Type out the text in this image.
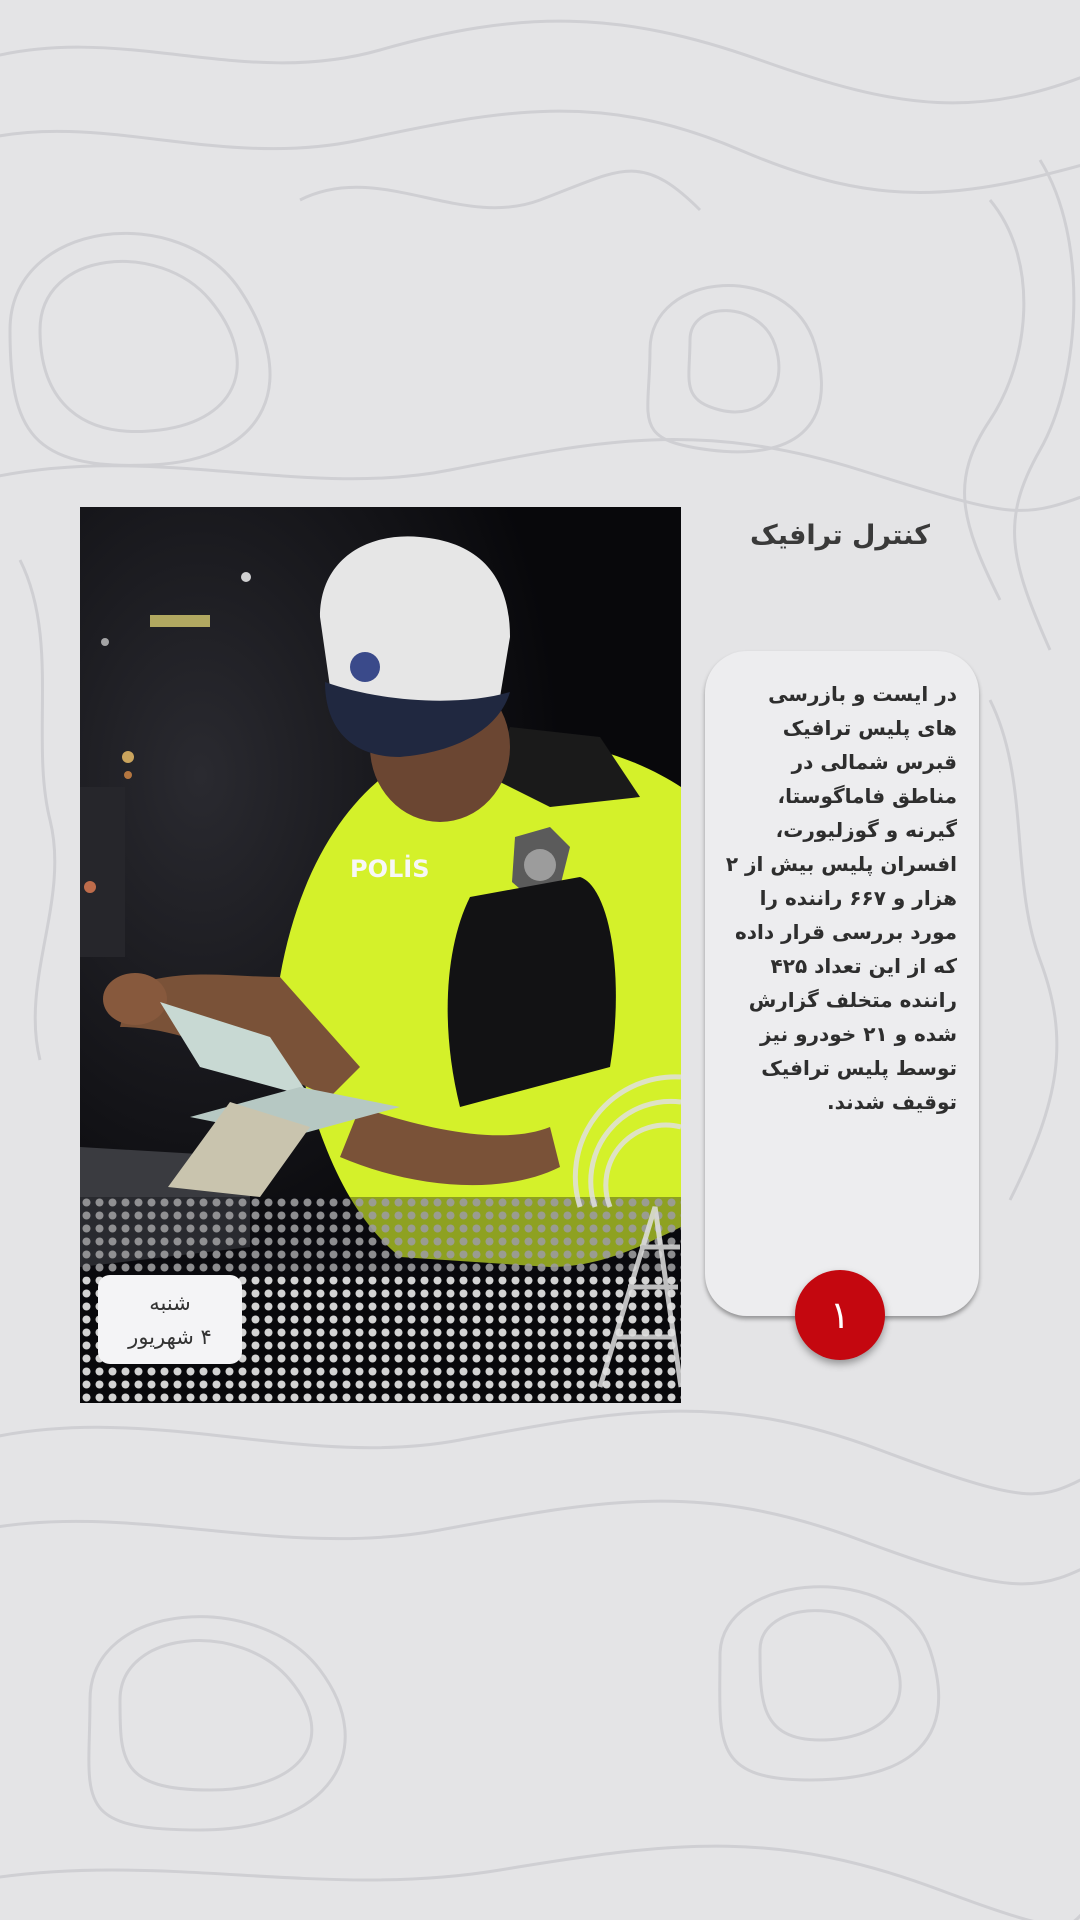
POLİS
شنبه
۴ شهریور
کنترل ترافیک
در ایست و بازرسی های پلیس ترافیک قبرس شمالی در مناطق فاماگوستا، گیرنه و گوزلیورت، افسران پلیس بیش از ۲ هزار و ۶۶۷ راننده را مورد بررسی قرار داده که از این تعداد ۴۲۵ راننده متخلف گزارش شده و ۲۱ خودرو نیز توسط پلیس ترافیک توقیف شدند.
۱
